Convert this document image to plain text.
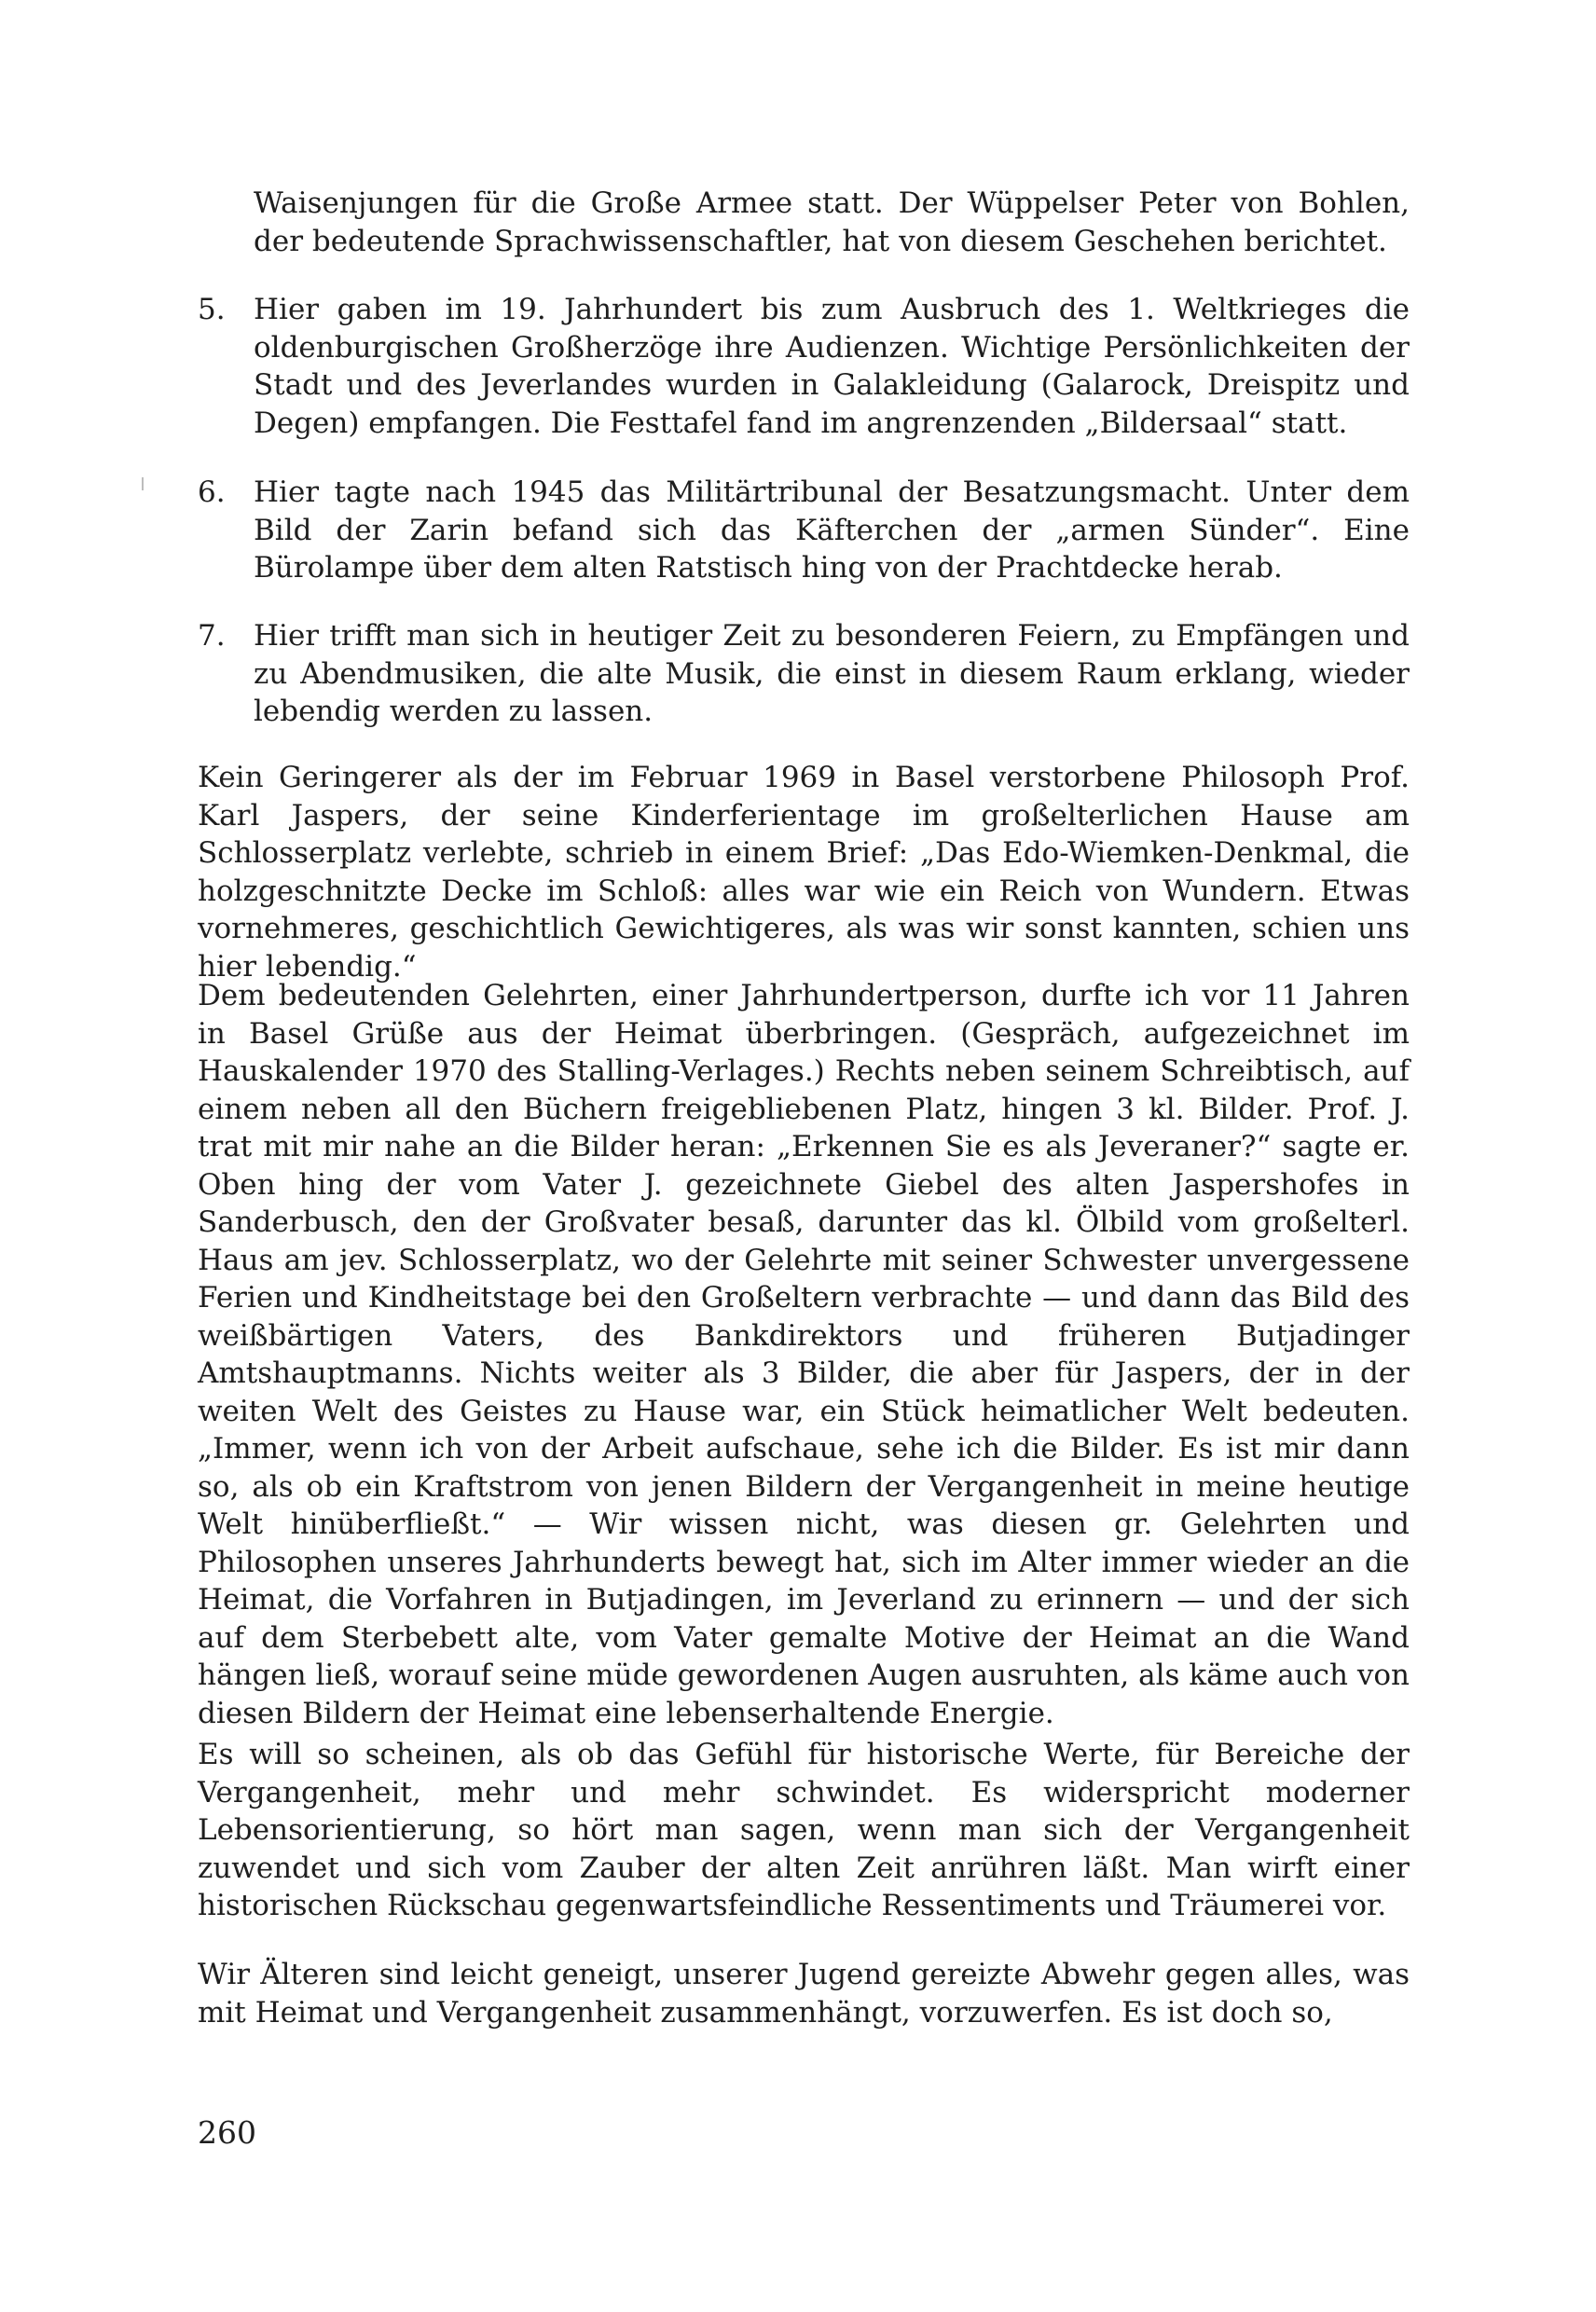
Waisenjungen für die Große Armee statt. Der Wüppelser Peter von Bohlen, der bedeutende Sprachwissenschaftler, hat von diesem Geschehen berichtet.
5. Hier gaben im 19. Jahrhundert bis zum Ausbruch des 1. Weltkrieges die oldenburgischen Großherzöge ihre Audienzen. Wichtige Persönlichkeiten der Stadt und des Jeverlandes wurden in Galakleidung (Galarock, Dreispitz und Degen) empfangen. Die Festtafel fand im angrenzenden „Bildersaal“ statt.
6. Hier tagte nach 1945 das Militärtribunal der Besatzungsmacht. Unter dem Bild der Zarin befand sich das Käfterchen der „armen Sünder“. Eine Bürolampe über dem alten Ratstisch hing von der Prachtdecke herab.
7. Hier trifft man sich in heutiger Zeit zu besonderen Feiern, zu Empfängen und zu Abendmusiken, die alte Musik, die einst in diesem Raum erklang, wieder lebendig werden zu lassen.
Kein Geringerer als der im Februar 1969 in Basel verstorbene Philosoph Prof. Karl Jaspers, der seine Kinderferientage im großelterlichen Hause am Schlosserplatz verlebte, schrieb in einem Brief: „Das Edo-Wiemken-Denkmal, die holzgeschnitzte Decke im Schloß: alles war wie ein Reich von Wundern. Etwas vornehmeres, geschichtlich Gewichtigeres, als was wir sonst kannten, schien uns hier lebendig.“
Dem bedeutenden Gelehrten, einer Jahrhundertperson, durfte ich vor 11 Jahren in Basel Grüße aus der Heimat überbringen. (Gespräch, aufgezeichnet im Hauskalender 1970 des Stalling-Verlages.) Rechts neben seinem Schreibtisch, auf einem neben all den Büchern freigebliebenen Platz, hingen 3 kl. Bilder. Prof. J. trat mit mir nahe an die Bilder heran: „Erkennen Sie es als Jeveraner?“ sagte er. Oben hing der vom Vater J. gezeichnete Giebel des alten Jaspershofes in Sanderbusch, den der Großvater besaß, darunter das kl. Ölbild vom großelterl. Haus am jev. Schlosserplatz, wo der Gelehrte mit seiner Schwester unvergessene Ferien und Kindheitstage bei den Großeltern verbrachte — und dann das Bild des weißbärtigen Vaters, des Bankdirektors und früheren Butjadinger Amtshauptmanns. Nichts weiter als 3 Bilder, die aber für Jaspers, der in der weiten Welt des Geistes zu Hause war, ein Stück heimatlicher Welt bedeuten. „Immer, wenn ich von der Arbeit aufschaue, sehe ich die Bilder. Es ist mir dann so, als ob ein Kraftstrom von jenen Bildern der Vergangenheit in meine heutige Welt hinüberfließt.“ — Wir wissen nicht, was diesen gr. Gelehrten und Philosophen unseres Jahrhunderts bewegt hat, sich im Alter immer wieder an die Heimat, die Vorfahren in Butjadingen, im Jeverland zu erinnern — und der sich auf dem Sterbebett alte, vom Vater gemalte Motive der Heimat an die Wand hängen ließ, worauf seine müde gewordenen Augen ausruhten, als käme auch von diesen Bildern der Heimat eine lebenserhaltende Energie.
Es will so scheinen, als ob das Gefühl für historische Werte, für Bereiche der Vergangenheit, mehr und mehr schwindet. Es widerspricht moderner Lebensorientierung, so hört man sagen, wenn man sich der Vergangenheit zuwendet und sich vom Zauber der alten Zeit anrühren läßt. Man wirft einer historischen Rückschau gegenwartsfeindliche Ressentiments und Träumerei vor.
Wir Älteren sind leicht geneigt, unserer Jugend gereizte Abwehr gegen alles, was mit Heimat und Vergangenheit zusammenhängt, vorzuwerfen. Es ist doch so,
260
